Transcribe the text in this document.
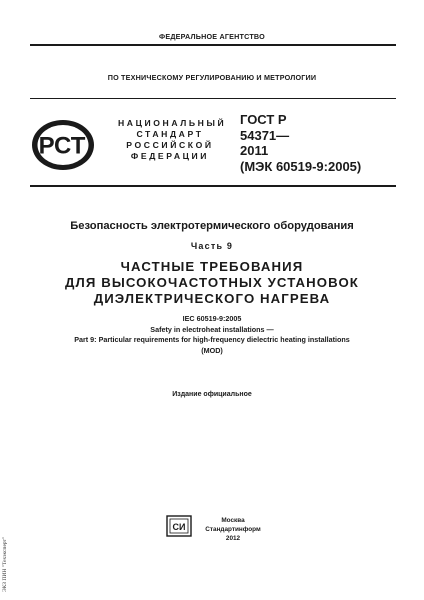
ФЕДЕРАЛЬНОЕ АГЕНТСТВО
ПО ТЕХНИЧЕСКОМУ РЕГУЛИРОВАНИЮ И МЕТРОЛОГИИ
РСТ
НАЦИОНАЛЬНЫЙ
СТАНДАРТ
РОССИЙСКОЙ
ФЕДЕРАЦИИ
ГОСТ Р
54371—
2011
(МЭК 60519-9:2005)
Безопасность электротермического оборудования
Часть 9
ЧАСТНЫЕ ТРЕБОВАНИЯ
ДЛЯ ВЫСОКОЧАСТОТНЫХ УСТАНОВОК
ДИЭЛЕКТРИЧЕСКОГО НАГРЕВА
IEC 60519-9:2005
Safety in electroheat installations —
Part 9: Particular requirements for high-frequency dielectric heating installations
(MOD)
Издание официальное
СИ
Москва
Стандартинформ
2012
ЭКЗ ПИН "Техэксперт"
